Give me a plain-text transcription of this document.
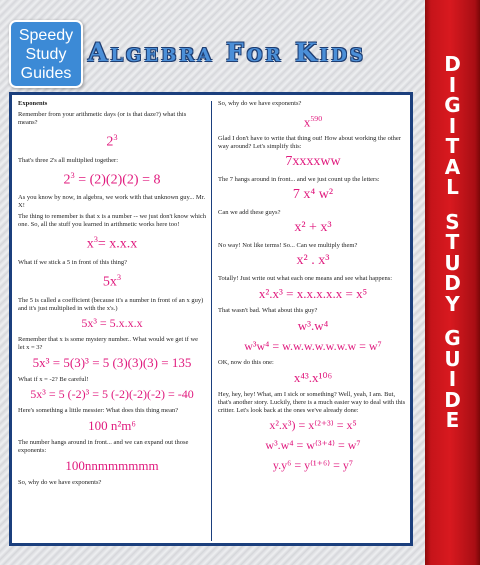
Speedy
Study
Guides
Algebra For Kids
Exponents
Remember from your arithmetic days (or is that daze?) what this means?
$2^3$
That's three 2's all multiplied together:
$2^3 = (2)(2)(2) = 8$
As you know by now, in algebra, we work with that unknown guy... Mr. X!
The thing to remember is that x is a number -- we just don't know which one. So, all the stuff you learned in arithmetic works here too!
$x^3= x.x.x$
What if we stick a 5 in front of this thing?
$5x^3$
The 5 is called a coefficient (because it's a number in front of an x guy) and it's just multiplied in with the x's.)
5x³ = 5.x.x.x
Remember that x is some mystery number.. What would we get if we let x = 3?
5x³ = 5(3)³ = 5 (3)(3)(3) = 135
What if x = -2? Be careful!
5x³ = 5 (-2)³ = 5 (-2)(-2)(-2) = -40
Here's something a little messier: What does this thing mean?
100 n²m⁶
The number hangs around in front... and we can expand out those exponents:
100nnmmmmmm
So, why do we have exponents?
So, why do we have exponents?
$x^{590}$
Glad I don't have to write that thing out! How about working the other way around? Let's simplify this:
7xxxxww
The 7 hangs around in front... and we just count up the letters:
7 x⁴ w²
Can we add these guys?
x² + x³
No way! Not like terms! So... Can we multiply them?
x² . x³
Totally! Just write out what each one means and see what happens:
x².x³ = x.x.x.x.x = x⁵
That wasn't bad. What about this guy?
w³.w⁴
w³w⁴ = w.w.w.w.w.w.w = w⁷
OK, now do this one:
x⁴³.x¹⁰⁶
Hey, hey, hey! What, am I sick or something? Well, yeah, I am. But, that's another story. Luckily, there is a much easier way to deal with this critter. Let's look back at the ones we've already done:
x².x³) = x⁽²⁺³⁾ = x⁵
w³.w⁴ = w⁽³⁺⁴⁾ = w⁷
y.y⁶ = y⁽¹⁺⁶⁾ = y⁷
D
I
G
I
T
A
L
S
T
U
D
Y
G
U
I
D
E
